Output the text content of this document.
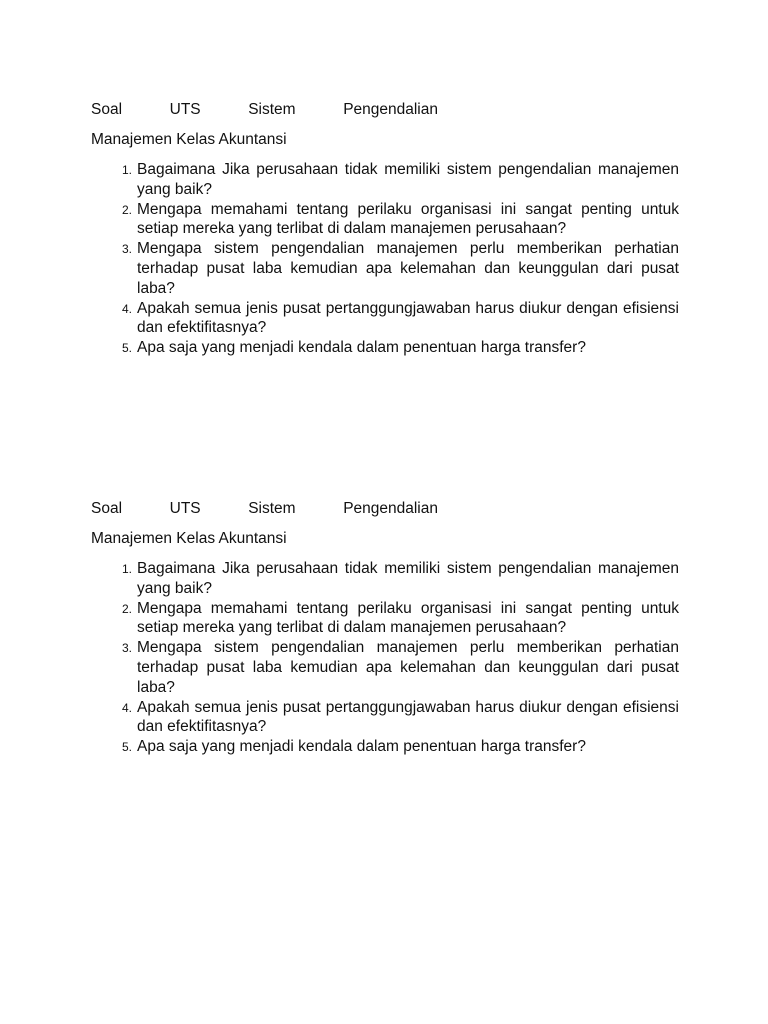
Soal	UTS	Sistem	Pengendalian
Manajemen Kelas Akuntansi
1. Bagaimana Jika perusahaan tidak memiliki sistem pengendalian manajemen yang baik?
2. Mengapa memahami tentang perilaku organisasi ini sangat penting untuk setiap mereka yang terlibat di dalam manajemen perusahaan?
3. Mengapa sistem pengendalian manajemen perlu memberikan perhatian terhadap pusat laba kemudian apa kelemahan dan keunggulan dari pusat laba?
4. Apakah semua jenis pusat pertanggungjawaban harus diukur dengan efisiensi dan efektifitasnya?
5. Apa saja yang menjadi kendala dalam penentuan harga transfer?
Soal	UTS	Sistem	Pengendalian
Manajemen Kelas Akuntansi
1. Bagaimana Jika perusahaan tidak memiliki sistem pengendalian manajemen yang baik?
2. Mengapa memahami tentang perilaku organisasi ini sangat penting untuk setiap mereka yang terlibat di dalam manajemen perusahaan?
3. Mengapa sistem pengendalian manajemen perlu memberikan perhatian terhadap pusat laba kemudian apa kelemahan dan keunggulan dari pusat laba?
4. Apakah semua jenis pusat pertanggungjawaban harus diukur dengan efisiensi dan efektifitasnya?
5. Apa saja yang menjadi kendala dalam penentuan harga transfer?
